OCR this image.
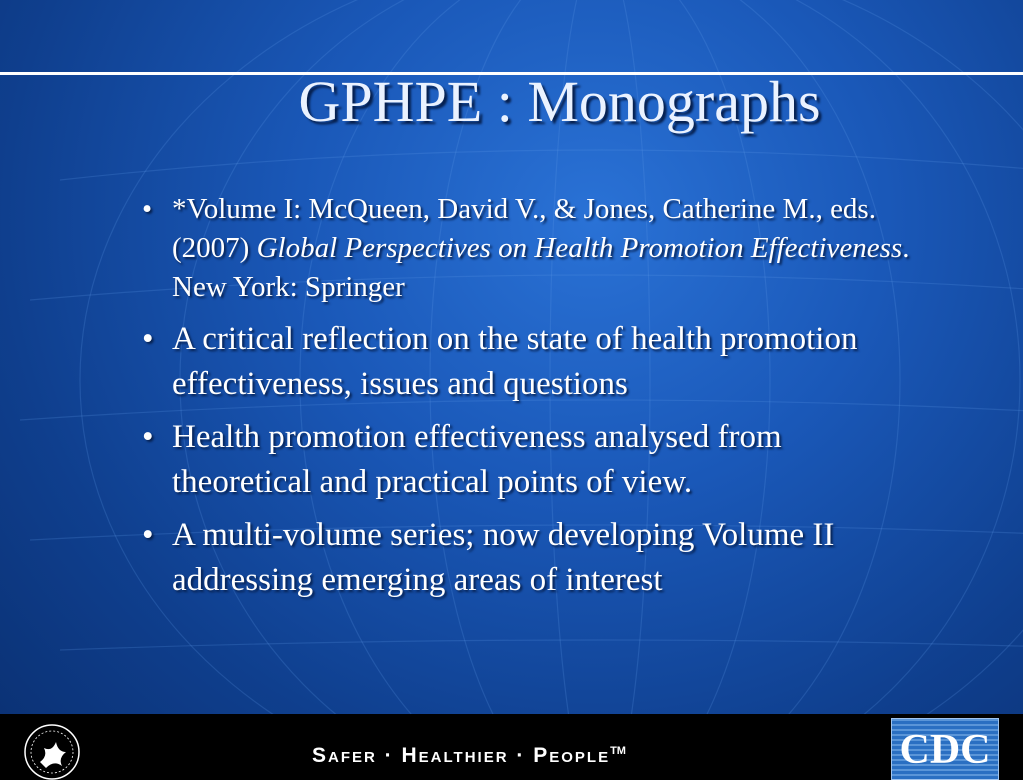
GPHPE : Monographs
• *Volume I: McQueen, David V., & Jones, Catherine M., eds.(2007) Global Perspectives on Health Promotion Effectiveness. New York: Springer
• A critical reflection on the state of health promotion effectiveness, issues and questions
• Health promotion effectiveness analysed from theoretical and practical points of view.
• A multi-volume series; now developing Volume II addressing emerging areas of interest
Safer · Healthier · People™	CDC
